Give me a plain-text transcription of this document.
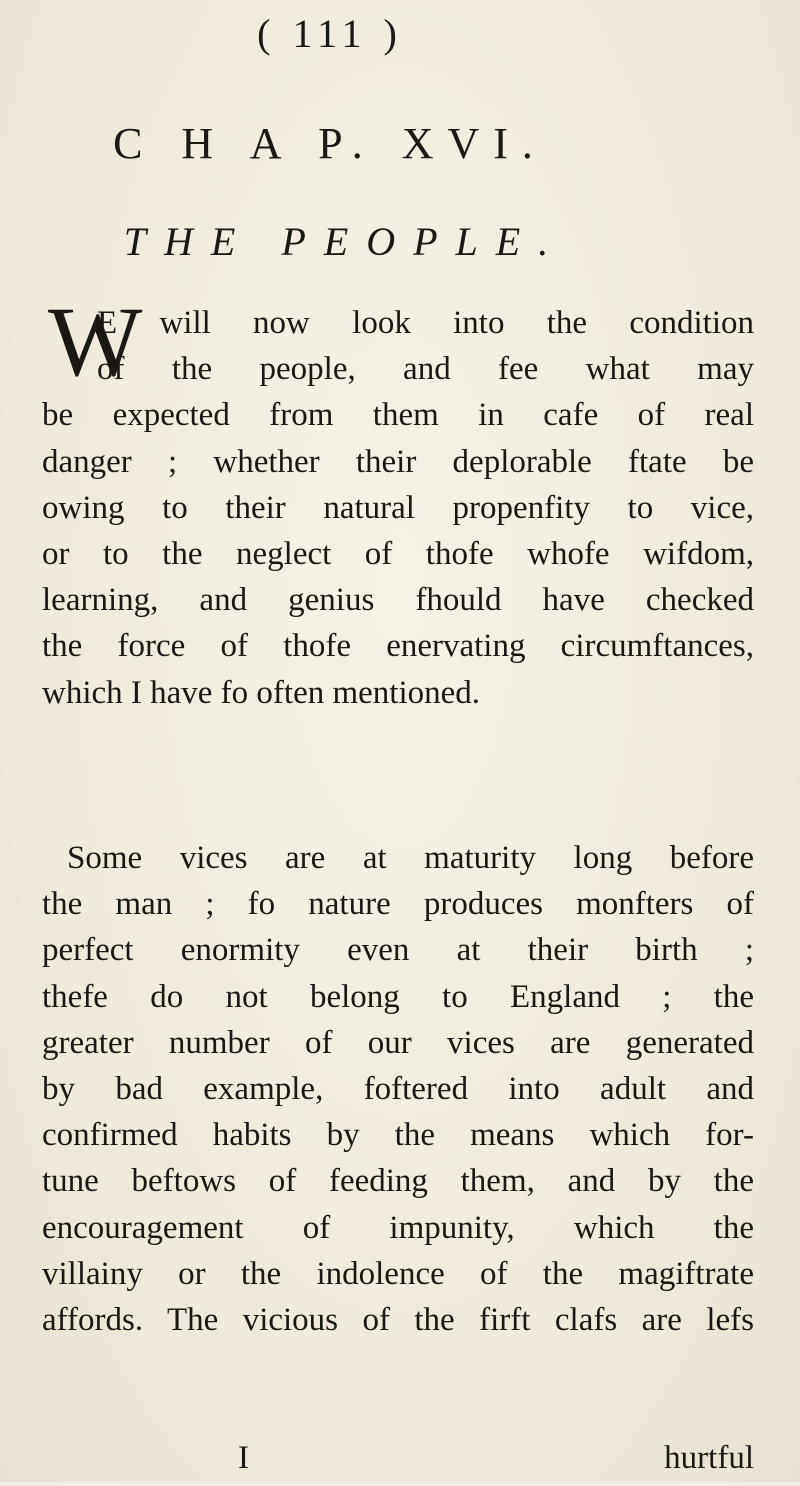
( 111 )
C H A P. XVI.
THE PEOPLE.
W
E will now look into the condition
of the people, and fee what may
be expected from them in cafe of real
danger ; whether their deplorable ftate be
owing to their natural propenfity to vice,
or to the neglect of thofe whofe wifdom,
learning, and genius fhould have checked
the force of thofe enervating circumftances,
which I have fo often mentioned.
Some vices are at maturity long before
the man ; fo nature produces monfters of
perfect enormity even at their birth ;
thefe do not belong to England ; the
greater number of our vices are generated
by bad example, foftered into adult and
confirmed habits by the means which for-
tune beftows of feeding them, and by the
encouragement of impunity, which the
villainy or the indolence of the magiftrate
affords. The vicious of the firft clafs are lefs
I	hurtful
